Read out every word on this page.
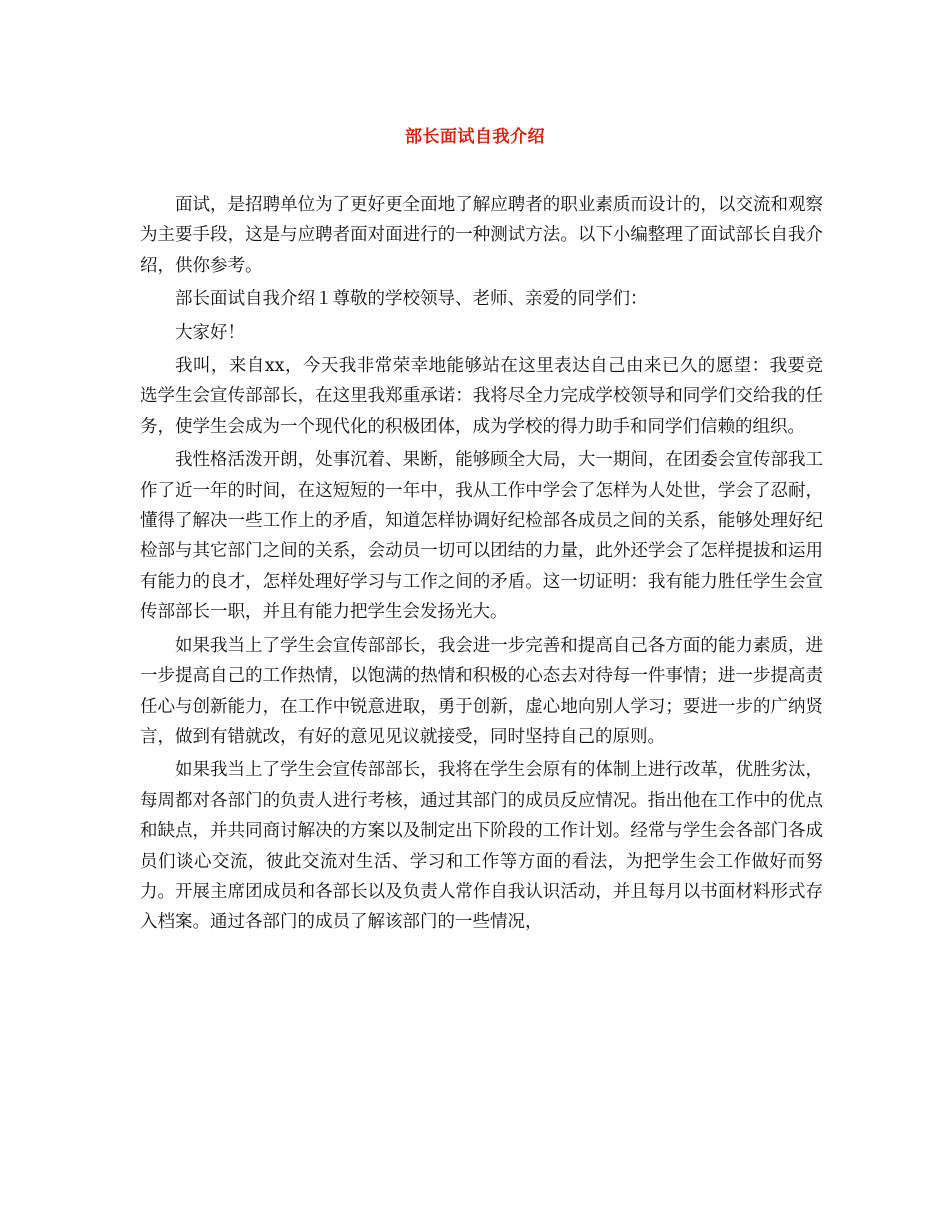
部长面试自我介绍

面试，是招聘单位为了更好更全面地了解应聘者的职业素质而设计的，以交流和观察为主要手段，这是与应聘者面对面进行的一种测试方法。以下小编整理了面试部长自我介绍，供你参考。

部长面试自我介绍１尊敬的学校领导、老师、亲爱的同学们：

大家好！

我叫，来自xx，今天我非常荣幸地能够站在这里表达自己由来已久的愿望：我要竞选学生会宣传部部长，在这里我郑重承诺：我将尽全力完成学校领导和同学们交给我的任务，使学生会成为一个现代化的积极团体，成为学校的得力助手和同学们信赖的组织。

我性格活泼开朗，处事沉着、果断，能够顾全大局，大一期间，在团委会宣传部我工作了近一年的时间，在这短短的一年中，我从工作中学会了怎样为人处世，学会了忍耐，懂得了解决一些工作上的矛盾，知道怎样协调好纪检部各成员之间的关系，能够处理好纪检部与其它部门之间的关系，会动员一切可以团结的力量，此外还学会了怎样提拔和运用有能力的良才，怎样处理好学习与工作之间的矛盾。这一切证明：我有能力胜任学生会宣传部部长一职，并且有能力把学生会发扬光大。

如果我当上了学生会宣传部部长，我会进一步完善和提高自己各方面的能力素质，进一步提高自己的工作热情，以饱满的热情和积极的心态去对待每一件事情；进一步提高责任心与创新能力，在工作中锐意进取，勇于创新，虚心地向别人学习；要进一步的广纳贤言，做到有错就改，有好的意见见议就接受，同时坚持自己的原则。

如果我当上了学生会宣传部部长，我将在学生会原有的体制上进行改革，优胜劣汰，每周都对各部门的负责人进行考核，通过其部门的成员反应情况。指出他在工作中的优点和缺点，并共同商讨解决的方案以及制定出下阶段的工作计划。经常与学生会各部门各成员们谈心交流，彼此交流对生活、学习和工作等方面的看法，为把学生会工作做好而努力。开展主席团成员和各部长以及负责人常作自我认识活动，并且每月以书面材料形式存入档案。通过各部门的成员了解该部门的一些情况，
